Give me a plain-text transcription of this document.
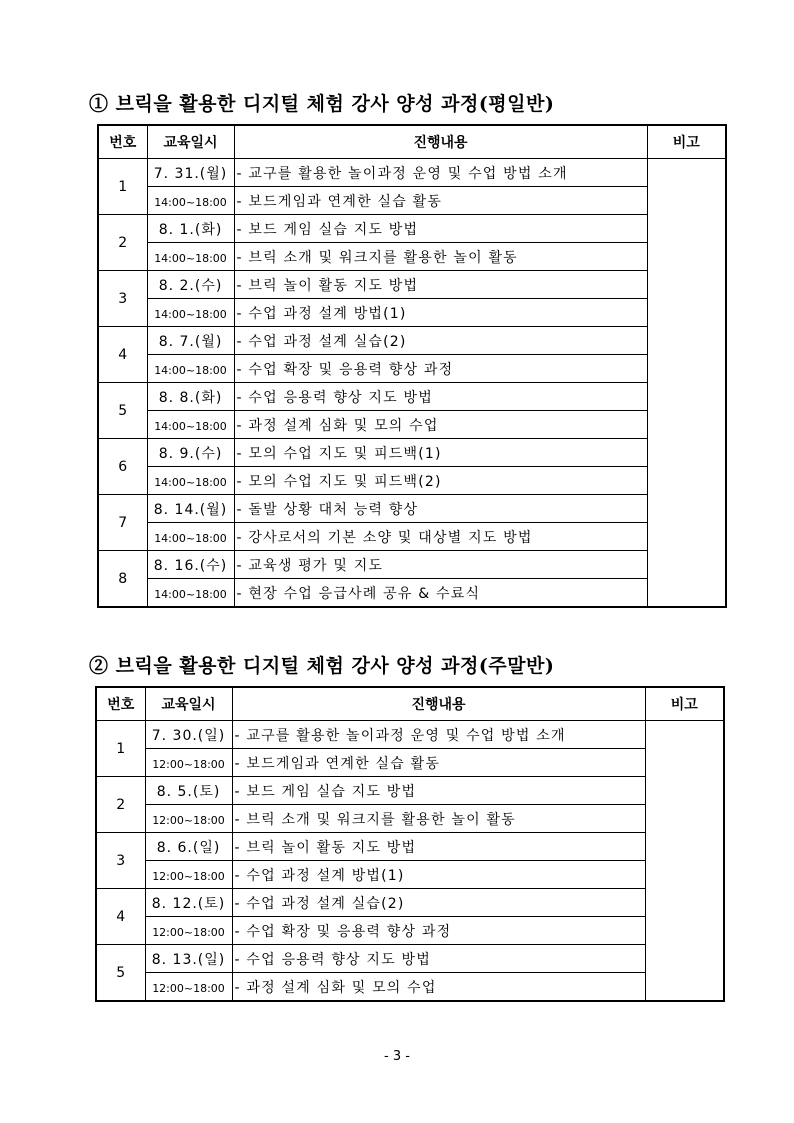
① 브릭을 활용한 디지털 체험 강사 양성 과정(평일반)
번호	교육일시	진행내용	비고
1	7. 31.(월)	- 교구를 활용한 놀이과정 운영 및 수업 방법 소개	
	14:00~18:00	- 보드게임과 연계한 실습 활동	
2	8. 1.(화)	- 보드 게임 실습 지도 방법	
	14:00~18:00	- 브릭 소개 및 워크지를 활용한 놀이 활동	
3	8. 2.(수)	- 브릭 놀이 활동 지도 방법	
	14:00~18:00	- 수업 과정 설계 방법(1)	
4	8. 7.(월)	- 수업 과정 설계 실습(2)	
	14:00~18:00	- 수업 확장 및 응용력 향상 과정	
5	8. 8.(화)	- 수업 응용력 향상 지도 방법	
	14:00~18:00	- 과정 설계 심화 및 모의 수업	
6	8. 9.(수)	- 모의 수업 지도 및 피드백(1)	
	14:00~18:00	- 모의 수업 지도 및 피드백(2)	
7	8. 14.(월)	- 돌발 상황 대처 능력 향상	
	14:00~18:00	- 강사로서의 기본 소양 및 대상별 지도 방법	
8	8. 16.(수)	- 교육생 평가 및 지도	
	14:00~18:00	- 현장 수업 응급사례 공유 & 수료식	
② 브릭을 활용한 디지털 체험 강사 양성 과정(주말반)
번호	교육일시	진행내용	비고
1	7. 30.(일)	- 교구를 활용한 놀이과정 운영 및 수업 방법 소개	
	12:00~18:00	- 보드게임과 연계한 실습 활동	
2	8. 5.(토)	- 보드 게임 실습 지도 방법	
	12:00~18:00	- 브릭 소개 및 워크지를 활용한 놀이 활동	
3	8. 6.(일)	- 브릭 놀이 활동 지도 방법	
	12:00~18:00	- 수업 과정 설계 방법(1)	
4	8. 12.(토)	- 수업 과정 설계 실습(2)	
	12:00~18:00	- 수업 확장 및 응용력 향상 과정	
5	8. 13.(일)	- 수업 응용력 향상 지도 방법	
	12:00~18:00	- 과정 설계 심화 및 모의 수업	
- 3 -
